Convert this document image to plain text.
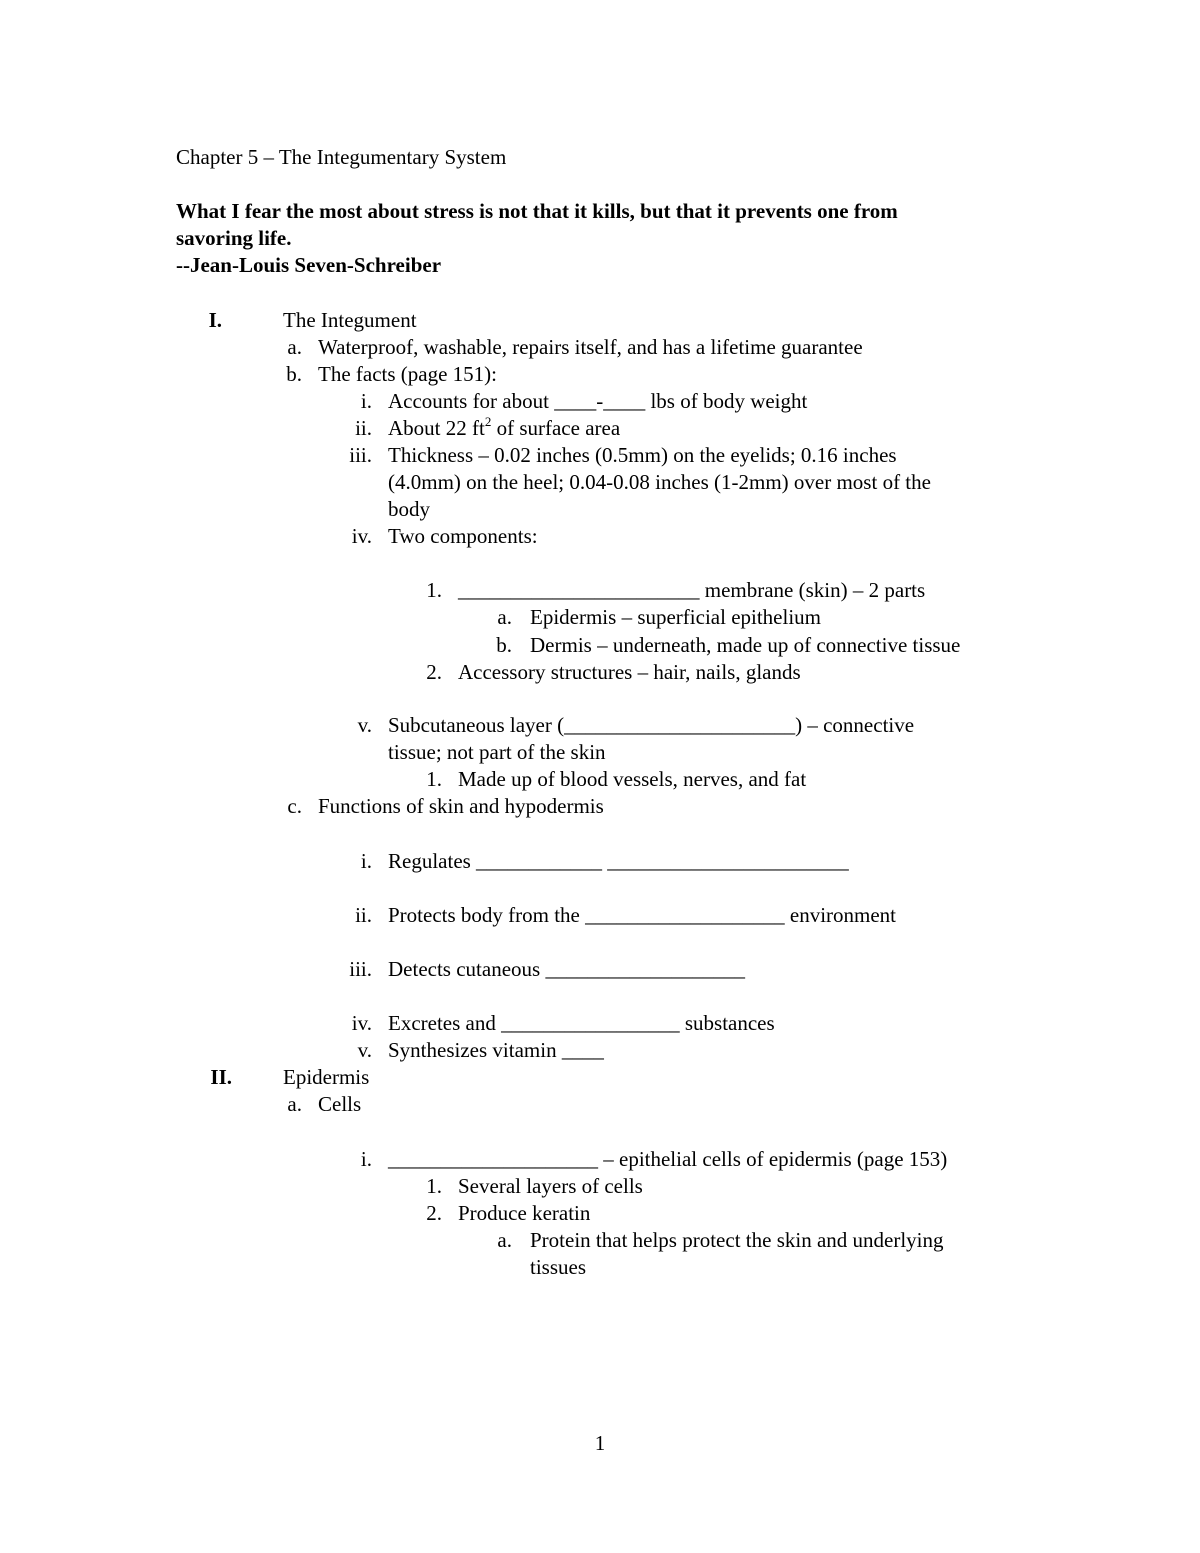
Chapter 5 – The Integumentary System
What I fear the most about stress is not that it kills, but that it prevents one from
savoring life.
--Jean-Louis Seven-Schreiber
I.	The Integument
a. Waterproof, washable, repairs itself, and has a lifetime guarantee
b. The facts (page 151):
i. Accounts for about ____-____ lbs of body weight
ii. About 22 $ft^2$ of surface area
iii. Thickness – 0.02 inches (0.5mm) on the eyelids; 0.16 inches
(4.0mm) on the heel; 0.04-0.08 inches (1-2mm) over most of the
body
iv. Two components:
1. _______________________ membrane (skin) – 2 parts
a. Epidermis – superficial epithelium
b. Dermis – underneath, made up of connective tissue
2. Accessory structures – hair, nails, glands
v. Subcutaneous layer (______________________) – connective
tissue; not part of the skin
1. Made up of blood vessels, nerves, and fat
c. Functions of skin and hypodermis
i. Regulates ____________ _______________________
ii. Protects body from the ___________________ environment
iii. Detects cutaneous ___________________
iv. Excretes and _________________ substances
v. Synthesizes vitamin ____
II. Epidermis
a. Cells
i. ____________________ – epithelial cells of epidermis (page 153)
1. Several layers of cells
2. Produce keratin
a. Protein that helps protect the skin and underlying
tissues
1
